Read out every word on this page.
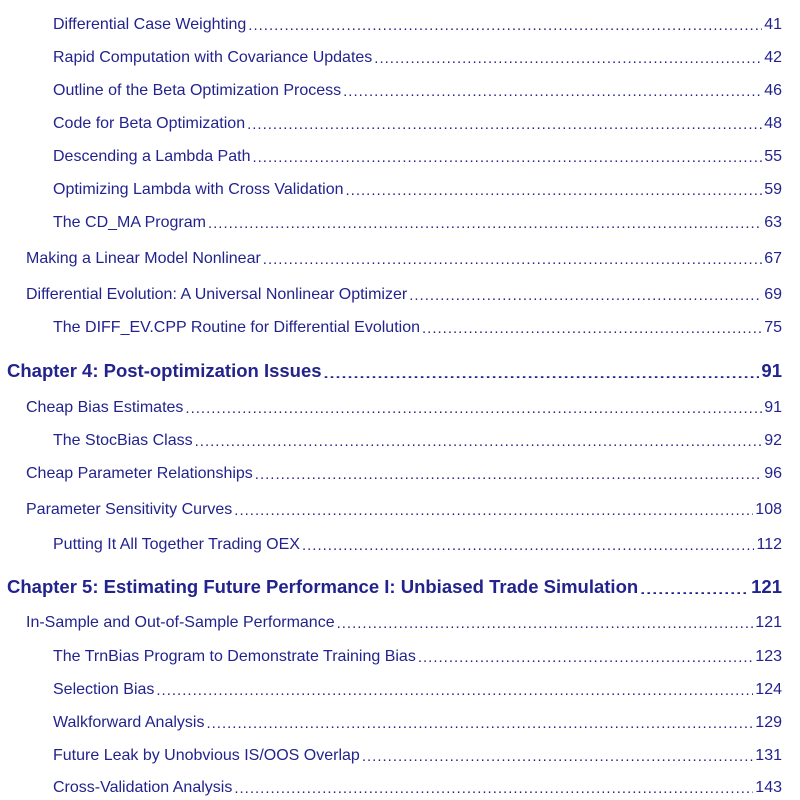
Differential Case Weighting .....	41
Rapid Computation with Covariance Updates .....	42
Outline of the Beta Optimization Process .....	46
Code for Beta Optimization .....	48
Descending a Lambda Path .....	55
Optimizing Lambda with Cross Validation .....	59
The CD_MA Program .....	63
Making a Linear Model Nonlinear .....	67
Differential Evolution: A Universal Nonlinear Optimizer .....	69
The DIFF_EV.CPP Routine for Differential Evolution .....	75
Chapter 4: Post-optimization Issues .....	91
Cheap Bias Estimates .....	91
The StocBias Class .....	92
Cheap Parameter Relationships .....	96
Parameter Sensitivity Curves .....	108
Putting It All Together Trading OEX .....	112
Chapter 5: Estimating Future Performance I: Unbiased Trade Simulation .....	121
In-Sample and Out-of-Sample Performance .....	121
The TrnBias Program to Demonstrate Training Bias .....	123
Selection Bias .....	124
Walkforward Analysis .....	129
Future Leak by Unobvious IS/OOS Overlap .....	131
Cross-Validation Analysis .....	143
